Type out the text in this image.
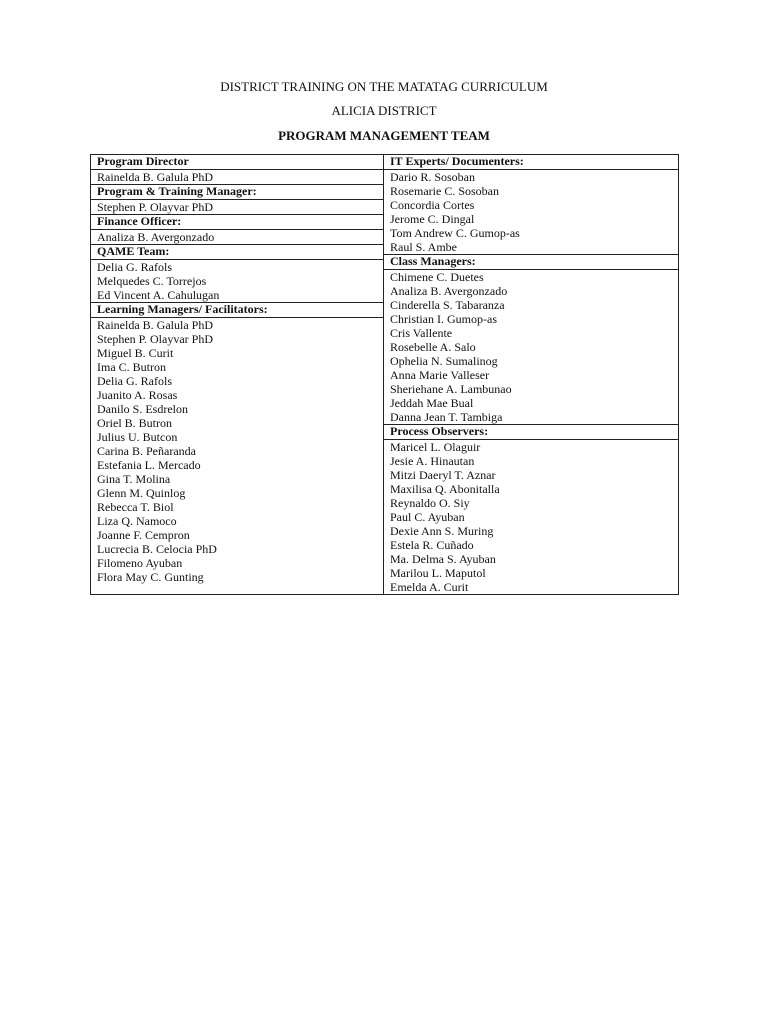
DISTRICT TRAINING ON THE MATATAG CURRICULUM
ALICIA DISTRICT
PROGRAM MANAGEMENT TEAM
Program Director
Rainelda B. Galula PhD
Program & Training Manager:
Stephen P. Olayvar PhD
Finance Officer:
Analiza B. Avergonzado
QAME Team:
Delia G. Rafols
Melquedes C. Torrejos
Ed Vincent A. Cahulugan
Learning Managers/ Facilitators:
Rainelda B. Galula PhD
Stephen P. Olayvar PhD
Miguel B. Curit
Ima C. Butron
Delia G. Rafols
Juanito A. Rosas
Danilo S. Esdrelon
Oriel B. Butron
Julius U. Butcon
Carina B. Peñaranda
Estefania L. Mercado
Gina T. Molina
Glenn M. Quinlog
Rebecca T. Biol
Liza Q. Namoco
Joanne F. Cempron
Lucrecia B. Celocia PhD
Filomeno Ayuban
Flora May C. Gunting

IT Experts/ Documenters:
Dario R. Sosoban
Rosemarie C. Sosoban
Concordia Cortes
Jerome C. Dingal
Tom Andrew C. Gumop-as
Raul S. Ambe
Class Managers:
Chimene C. Duetes
Analiza B. Avergonzado
Cinderella S. Tabaranza
Christian I. Gumop-as
Cris Vallente
Rosebelle A. Salo
Ophelia N. Sumalinog
Anna Marie Valleser
Sheriehane A. Lambunao
Jeddah Mae Bual
Danna Jean T. Tambiga
Process Observers:
Maricel L. Olaguir
Jesie A. Hinautan
Mitzi Daeryl T. Aznar
Maxilisa Q. Abonitalla
Reynaldo O. Siy
Paul C. Ayuban
Dexie Ann S. Muring
Estela R. Cuñado
Ma. Delma S. Ayuban
Marilou L. Maputol
Emelda A. Curit
